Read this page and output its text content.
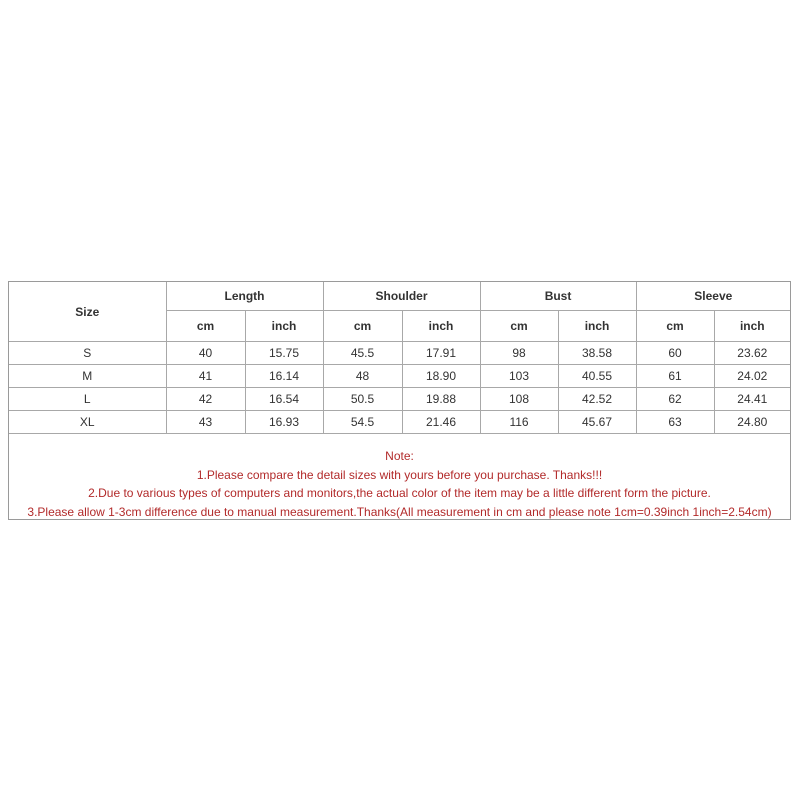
Size	Length		Shoulder		Bust		Sleeve	
	cm	inch	cm	inch	cm	inch	cm	inch
S	40	15.75	45.5	17.91	98	38.58	60	23.62
M	41	16.14	48	18.90	103	40.55	61	24.02
L	42	16.54	50.5	19.88	108	42.52	62	24.41
XL	43	16.93	54.5	21.46	116	45.67	63	24.80
Note:
1.Please compare the detail sizes with yours before you purchase. Thanks!!!
2.Due to various types of computers and monitors,the actual color of the item may be a little different form the picture.
3.Please allow 1-3cm difference due to manual measurement.Thanks(All measurement in cm and please note 1cm=0.39inch 1inch=2.54cm)
